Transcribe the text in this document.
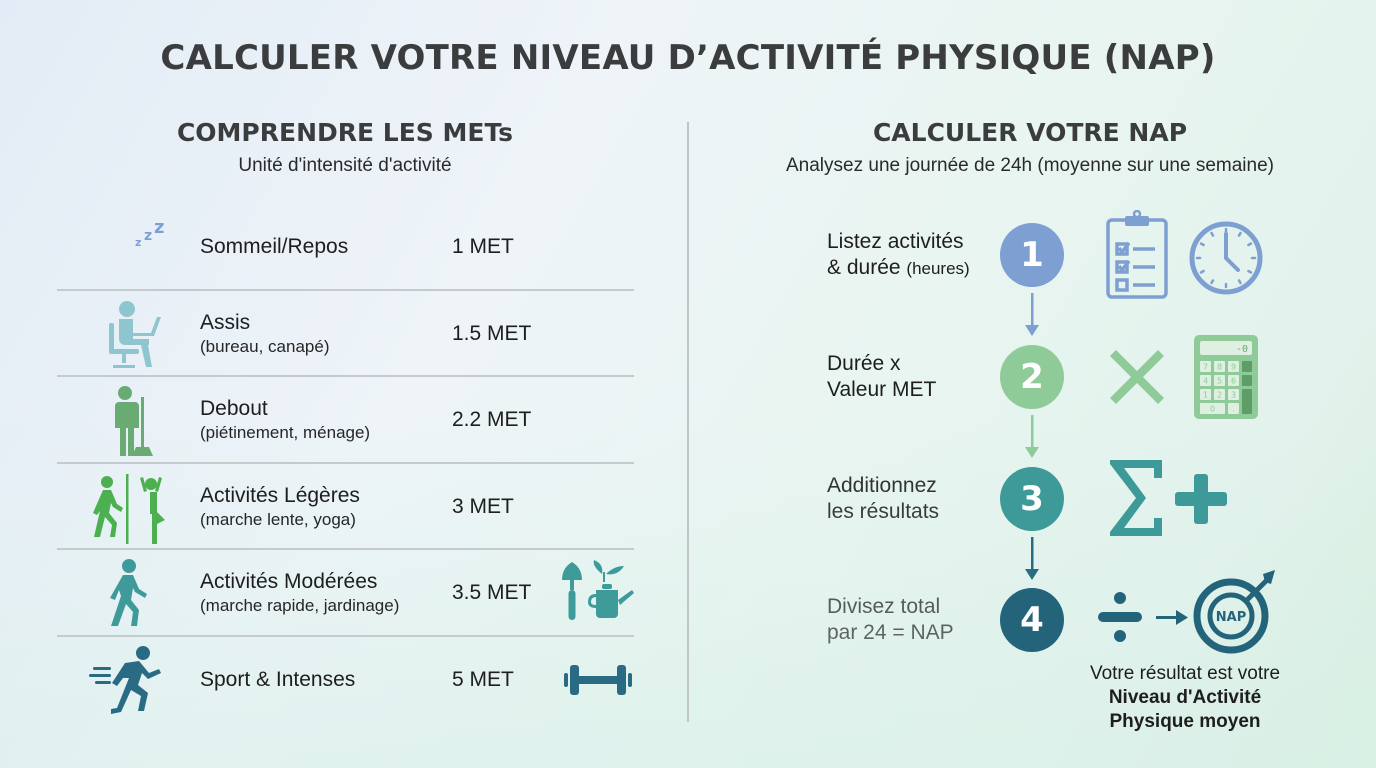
CALCULER VOTRE NIVEAU D’ACTIVITÉ PHYSIQUE (NAP)
COMPRENDRE LES METs

Unité d'intensité d'activité

z z z
Sommeil/Repos	1 MET
Assis
(bureau, canapé)
1.5 MET
Debout
(piétinement, ménage)
2.2 MET
Activités Légères
(marche lente, yoga)
3 MET
Activités Modérées
(marche rapide, jardinage)
3.5 MET
Sport & Intenses	5 MET
CALCULER VOTRE NAP

Analysez une journée de 24h (moyenne sur une semaine)

Listez activités
& durée (heures)	1
Durée x
Valeur MET	2
-0
7 8 9
4 5 6
1 2 3
0 .
Additionnez
les résultats	3
Divisez total
par 24 = NAP	4	NAP
Votre résultat est votre
Niveau d'Activité
Physique moyen
